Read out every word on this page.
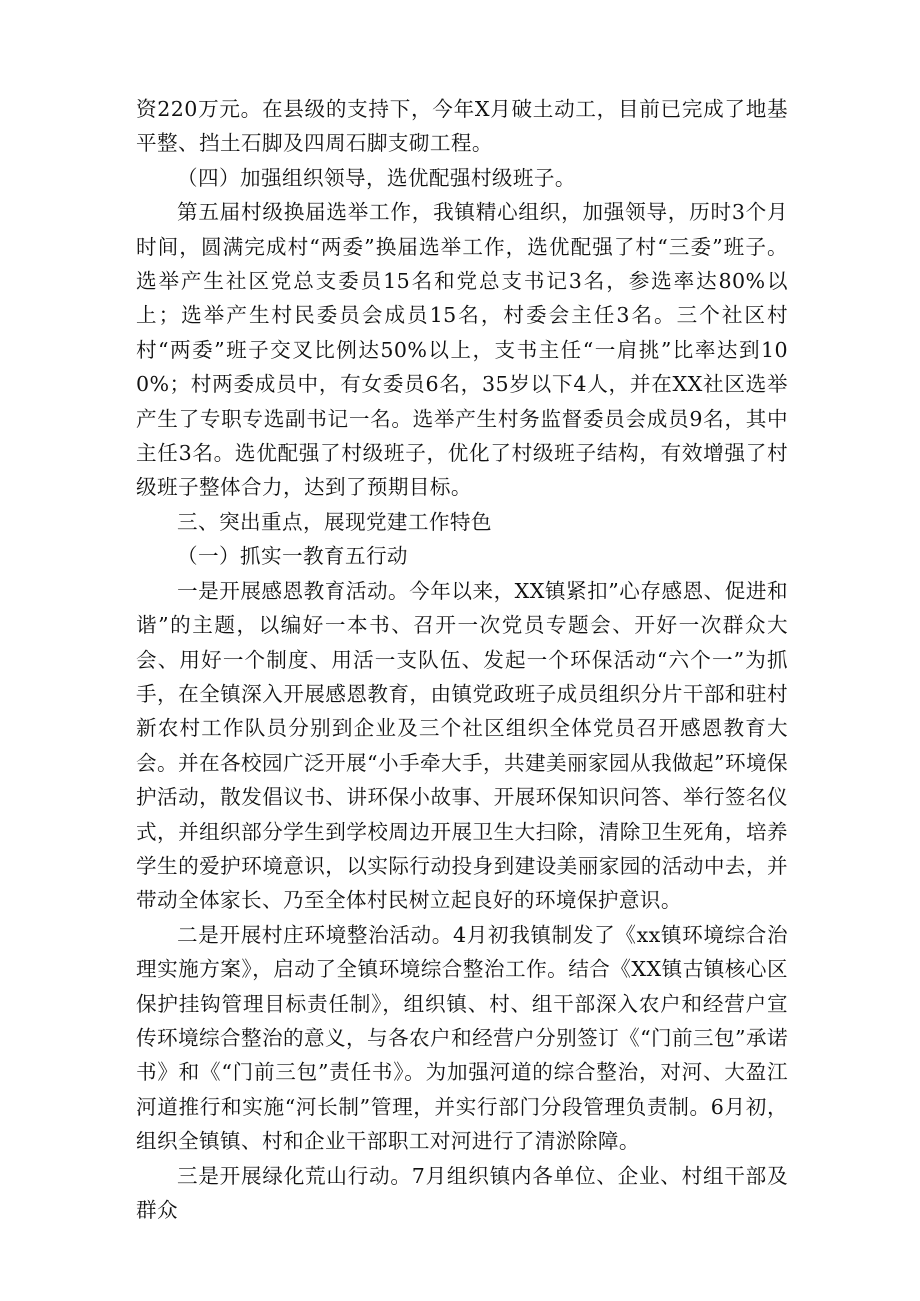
资220万元。在县级的支持下，今年X月破土动工，目前已完成了地基平整、挡土石脚及四周石脚支砌工程。

（四）加强组织领导，选优配强村级班子。

第五届村级换届选举工作，我镇精心组织，加强领导，历时3个月时间，圆满完成村“两委”换届选举工作，选优配强了村“三委”班子。选举产生社区党总支委员15名和党总支书记3名，参选率达80%以上；选举产生村民委员会成员15名，村委会主任3名。三个社区村村“两委”班子交叉比例达50%以上，支书主任“一肩挑”比率达到100%；村两委成员中，有女委员6名，35岁以下4人，并在XX社区选举产生了专职专选副书记一名。选举产生村务监督委员会成员9名，其中主任3名。选优配强了村级班子，优化了村级班子结构，有效增强了村级班子整体合力，达到了预期目标。

三、突出重点，展现党建工作特色

（一）抓实一教育五行动

一是开展感恩教育活动。今年以来，XX镇紧扣”心存感恩、促进和谐”的主题，以编好一本书、召开一次党员专题会、开好一次群众大会、用好一个制度、用活一支队伍、发起一个环保活动“六个一”为抓手，在全镇深入开展感恩教育，由镇党政班子成员组织分片干部和驻村新农村工作队员分别到企业及三个社区组织全体党员召开感恩教育大会。并在各校园广泛开展“小手牵大手，共建美丽家园从我做起”环境保护活动，散发倡议书、讲环保小故事、开展环保知识问答、举行签名仪式，并组织部分学生到学校周边开展卫生大扫除，清除卫生死角，培养学生的爱护环境意识，以实际行动投身到建设美丽家园的活动中去，并带动全体家长、乃至全体村民树立起良好的环境保护意识。

二是开展村庄环境整治活动。4月初我镇制发了《xx镇环境综合治理实施方案》，启动了全镇环境综合整治工作。结合《XX镇古镇核心区保护挂钩管理目标责任制》，组织镇、村、组干部深入农户和经营户宣传环境综合整治的意义，与各农户和经营户分别签订《“门前三包”承诺书》和《“门前三包”责任书》。为加强河道的综合整治，对河、大盈江河道推行和实施“河长制”管理，并实行部门分段管理负责制。6月初，组织全镇镇、村和企业干部职工对河进行了清淤除障。

三是开展绿化荒山行动。7月组织镇内各单位、企业、村组干部及群众
